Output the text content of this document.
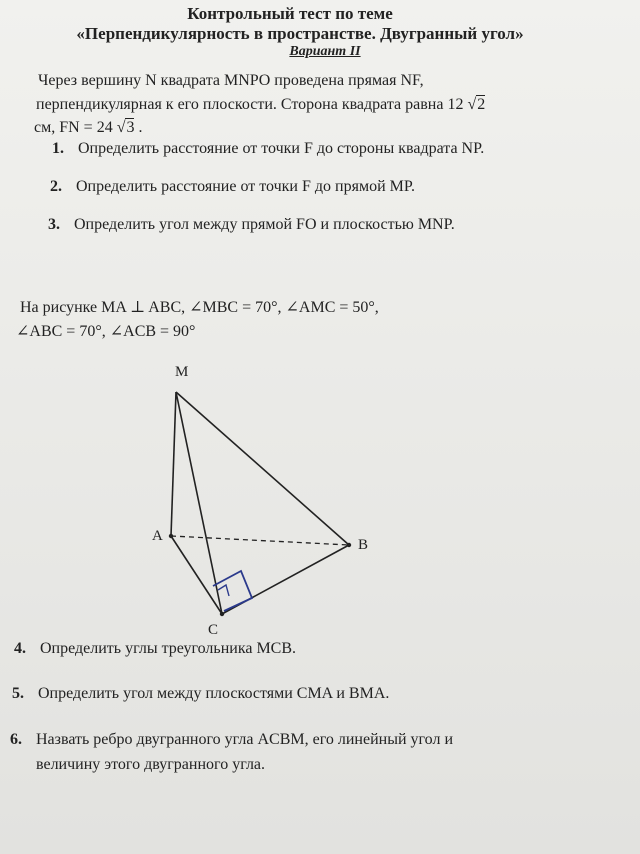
Контрольный тест по теме
«Перпендикулярность в пространстве. Двугранный угол»
Вариант II
Через вершину N квадрата MNPO проведена прямая NF,
перпендикулярная к его плоскости. Сторона квадрата равна 12 √2
см, FN = 24 √3 .
1. Определить расстояние от точки F до стороны квадрата NP.
2. Определить расстояние от точки F до прямой MP.
3. Определить угол между прямой FO и плоскостью MNP.
На рисунке MA ⊥ ABC, ∠MBC = 70°, ∠AMC = 50°,
∠ABC = 70°, ∠ACB = 90°
M
A
B
C
4. Определить углы треугольника MCB.
5. Определить угол между плоскостями CMA и BMA.
6. Назвать ребро двугранного угла ACBM, его линейный угол и
величину этого двугранного угла.
